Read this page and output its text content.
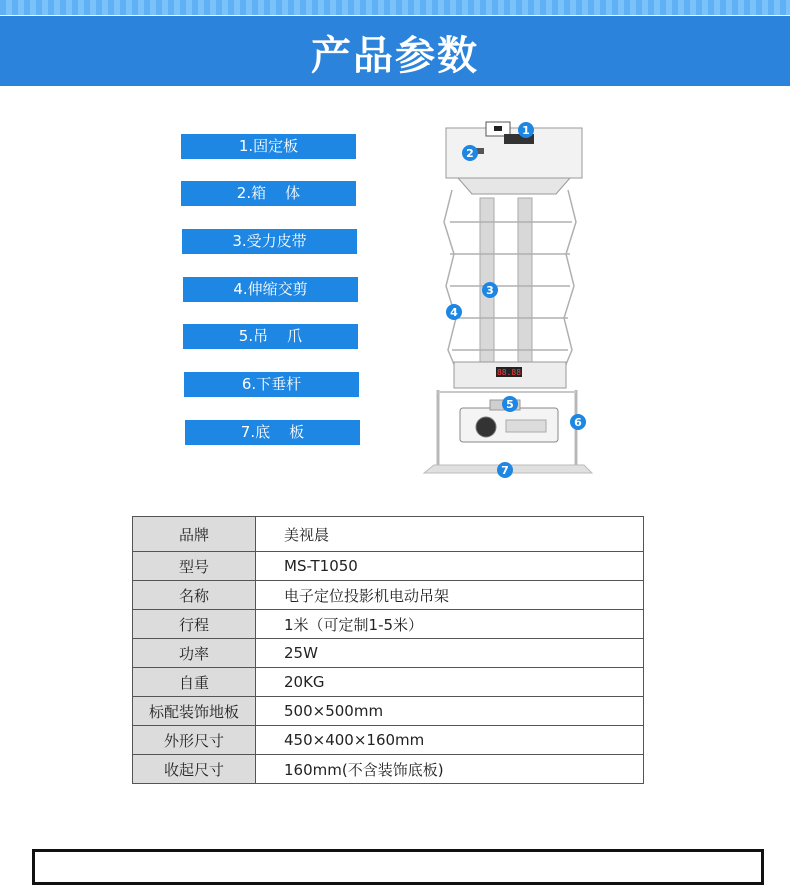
产品参数
1.固定板
2.箱    体
3.受力皮带
4.伸缩交剪
5.吊    爪
6.下垂杆
7.底    板
88.88
1
2
3
4
5
6
7
品牌	美视晨
型号	MS-T1050
名称	电子定位投影机电动吊架
行程	1米（可定制1-5米）
功率	25W
自重	20KG
标配装饰地板	500×500mm
外形尺寸	450×400×160mm
收起尺寸	160mm(不含装饰底板)
